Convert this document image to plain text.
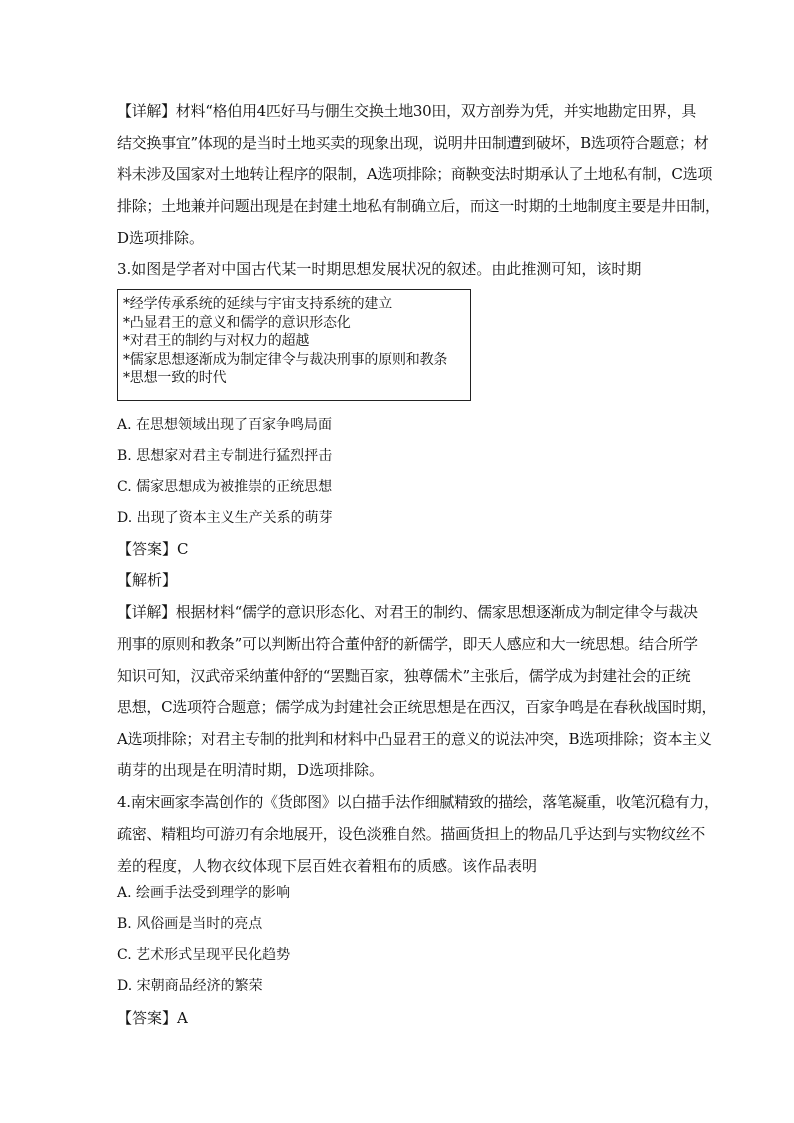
【详解】材料“格伯用4匹好马与倗生交换土地30田，双方剖券为凭，并实地勘定田界，具
结交换事宜”体现的是当时土地买卖的现象出现，说明井田制遭到破坏，B选项符合题意；材
料未涉及国家对土地转让程序的限制，A选项排除；商鞅变法时期承认了土地私有制，C选项
排除；土地兼并问题出现是在封建土地私有制确立后，而这一时期的土地制度主要是井田制，
D选项排除。
3.如图是学者对中国古代某一时期思想发展状况的叙述。由此推测可知，该时期
*经学传承系统的延续与宇宙支持系统的建立
*凸显君王的意义和儒学的意识形态化
*对君王的制约与对权力的超越
*儒家思想逐渐成为制定律令与裁决刑事的原则和教条
*思想一致的时代
A. 在思想领域出现了百家争鸣局面
B. 思想家对君主专制进行猛烈抨击
C. 儒家思想成为被推崇的正统思想
D. 出现了资本主义生产关系的萌芽
【答案】C
【解析】
【详解】根据材料“儒学的意识形态化、对君王的制约、儒家思想逐渐成为制定律令与裁决
刑事的原则和教条”可以判断出符合董仲舒的新儒学，即天人感应和大一统思想。结合所学
知识可知，汉武帝采纳董仲舒的“罢黜百家，独尊儒术”主张后，儒学成为封建社会的正统
思想，C选项符合题意；儒学成为封建社会正统思想是在西汉，百家争鸣是在春秋战国时期，
A选项排除；对君主专制的批判和材料中凸显君王的意义的说法冲突，B选项排除；资本主义
萌芽的出现是在明清时期，D选项排除。
4.南宋画家李嵩创作的《货郎图》以白描手法作细腻精致的描绘，落笔凝重，收笔沉稳有力，
疏密、精粗均可游刃有余地展开，设色淡雅自然。描画货担上的物品几乎达到与实物纹丝不
差的程度，人物衣纹体现下层百姓衣着粗布的质感。该作品表明
A. 绘画手法受到理学的影响
B. 风俗画是当时的亮点
C. 艺术形式呈现平民化趋势
D. 宋朝商品经济的繁荣
【答案】A
